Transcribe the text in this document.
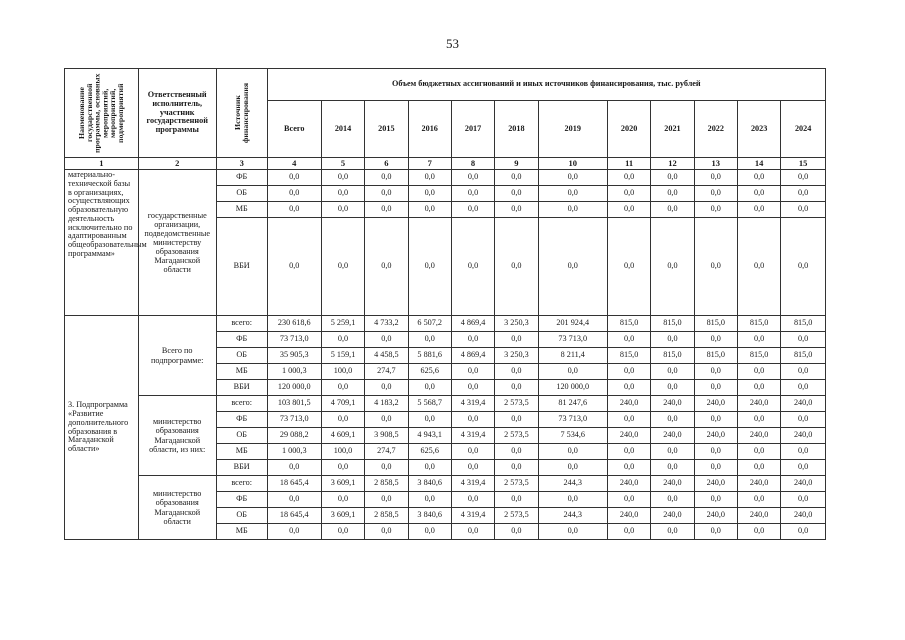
53
Наименование государственной программы, основных мероприятий, мероприятий, подмероприятий	Ответственный исполнитель, участник государственной программы	Источник финансирования	Объем бюджетных ассигнований и иных источников финансирования, тыс. рублей											
			Всего	2014	2015	2016	2017	2018	2019	2020	2021	2022	2023	2024
1	2	3	4	5	6	7	8	9	10	11	12	13	14	15
материально-технической базы в организациях, осуществляющих образовательную деятельность исключительно по адаптированным общеобразовательным программам»	государственные организации, подведомственные министерству образования Магаданской области	ФБ	0,0	0,0	0,0	0,0	0,0	0,0	0,0	0,0	0,0	0,0	0,0	0,0
		ОБ	0,0	0,0	0,0	0,0	0,0	0,0	0,0	0,0	0,0	0,0	0,0	0,0
		МБ	0,0	0,0	0,0	0,0	0,0	0,0	0,0	0,0	0,0	0,0	0,0	0,0
		ВБИ	0,0	0,0	0,0	0,0	0,0	0,0	0,0	0,0	0,0	0,0	0,0	0,0
3. Подпрограмма «Развитие дополнительного образования в Магаданской области»	Всего по подпрограмме:	всего:	230 618,6	5 259,1	4 733,2	6 507,2	4 869,4	3 250,3	201 924,4	815,0	815,0	815,0	815,0	815,0
		ФБ	73 713,0	0,0	0,0	0,0	0,0	0,0	73 713,0	0,0	0,0	0,0	0,0	0,0
		ОБ	35 905,3	5 159,1	4 458,5	5 881,6	4 869,4	3 250,3	8 211,4	815,0	815,0	815,0	815,0	815,0
		МБ	1 000,3	100,0	274,7	625,6	0,0	0,0	0,0	0,0	0,0	0,0	0,0	0,0
		ВБИ	120 000,0	0,0	0,0	0,0	0,0	0,0	120 000,0	0,0	0,0	0,0	0,0	0,0
	министерство образования Магаданской области, из них:	всего:	103 801,5	4 709,1	4 183,2	5 568,7	4 319,4	2 573,5	81 247,6	240,0	240,0	240,0	240,0	240,0
		ФБ	73 713,0	0,0	0,0	0,0	0,0	0,0	73 713,0	0,0	0,0	0,0	0,0	0,0
		ОБ	29 088,2	4 609,1	3 908,5	4 943,1	4 319,4	2 573,5	7 534,6	240,0	240,0	240,0	240,0	240,0
		МБ	1 000,3	100,0	274,7	625,6	0,0	0,0	0,0	0,0	0,0	0,0	0,0	0,0
		ВБИ	0,0	0,0	0,0	0,0	0,0	0,0	0,0	0,0	0,0	0,0	0,0	0,0
	министерство образования Магаданской области	всего:	18 645,4	3 609,1	2 858,5	3 840,6	4 319,4	2 573,5	244,3	240,0	240,0	240,0	240,0	240,0
		ФБ	0,0	0,0	0,0	0,0	0,0	0,0	0,0	0,0	0,0	0,0	0,0	0,0
		ОБ	18 645,4	3 609,1	2 858,5	3 840,6	4 319,4	2 573,5	244,3	240,0	240,0	240,0	240,0	240,0
		МБ	0,0	0,0	0,0	0,0	0,0	0,0	0,0	0,0	0,0	0,0	0,0	0,0
